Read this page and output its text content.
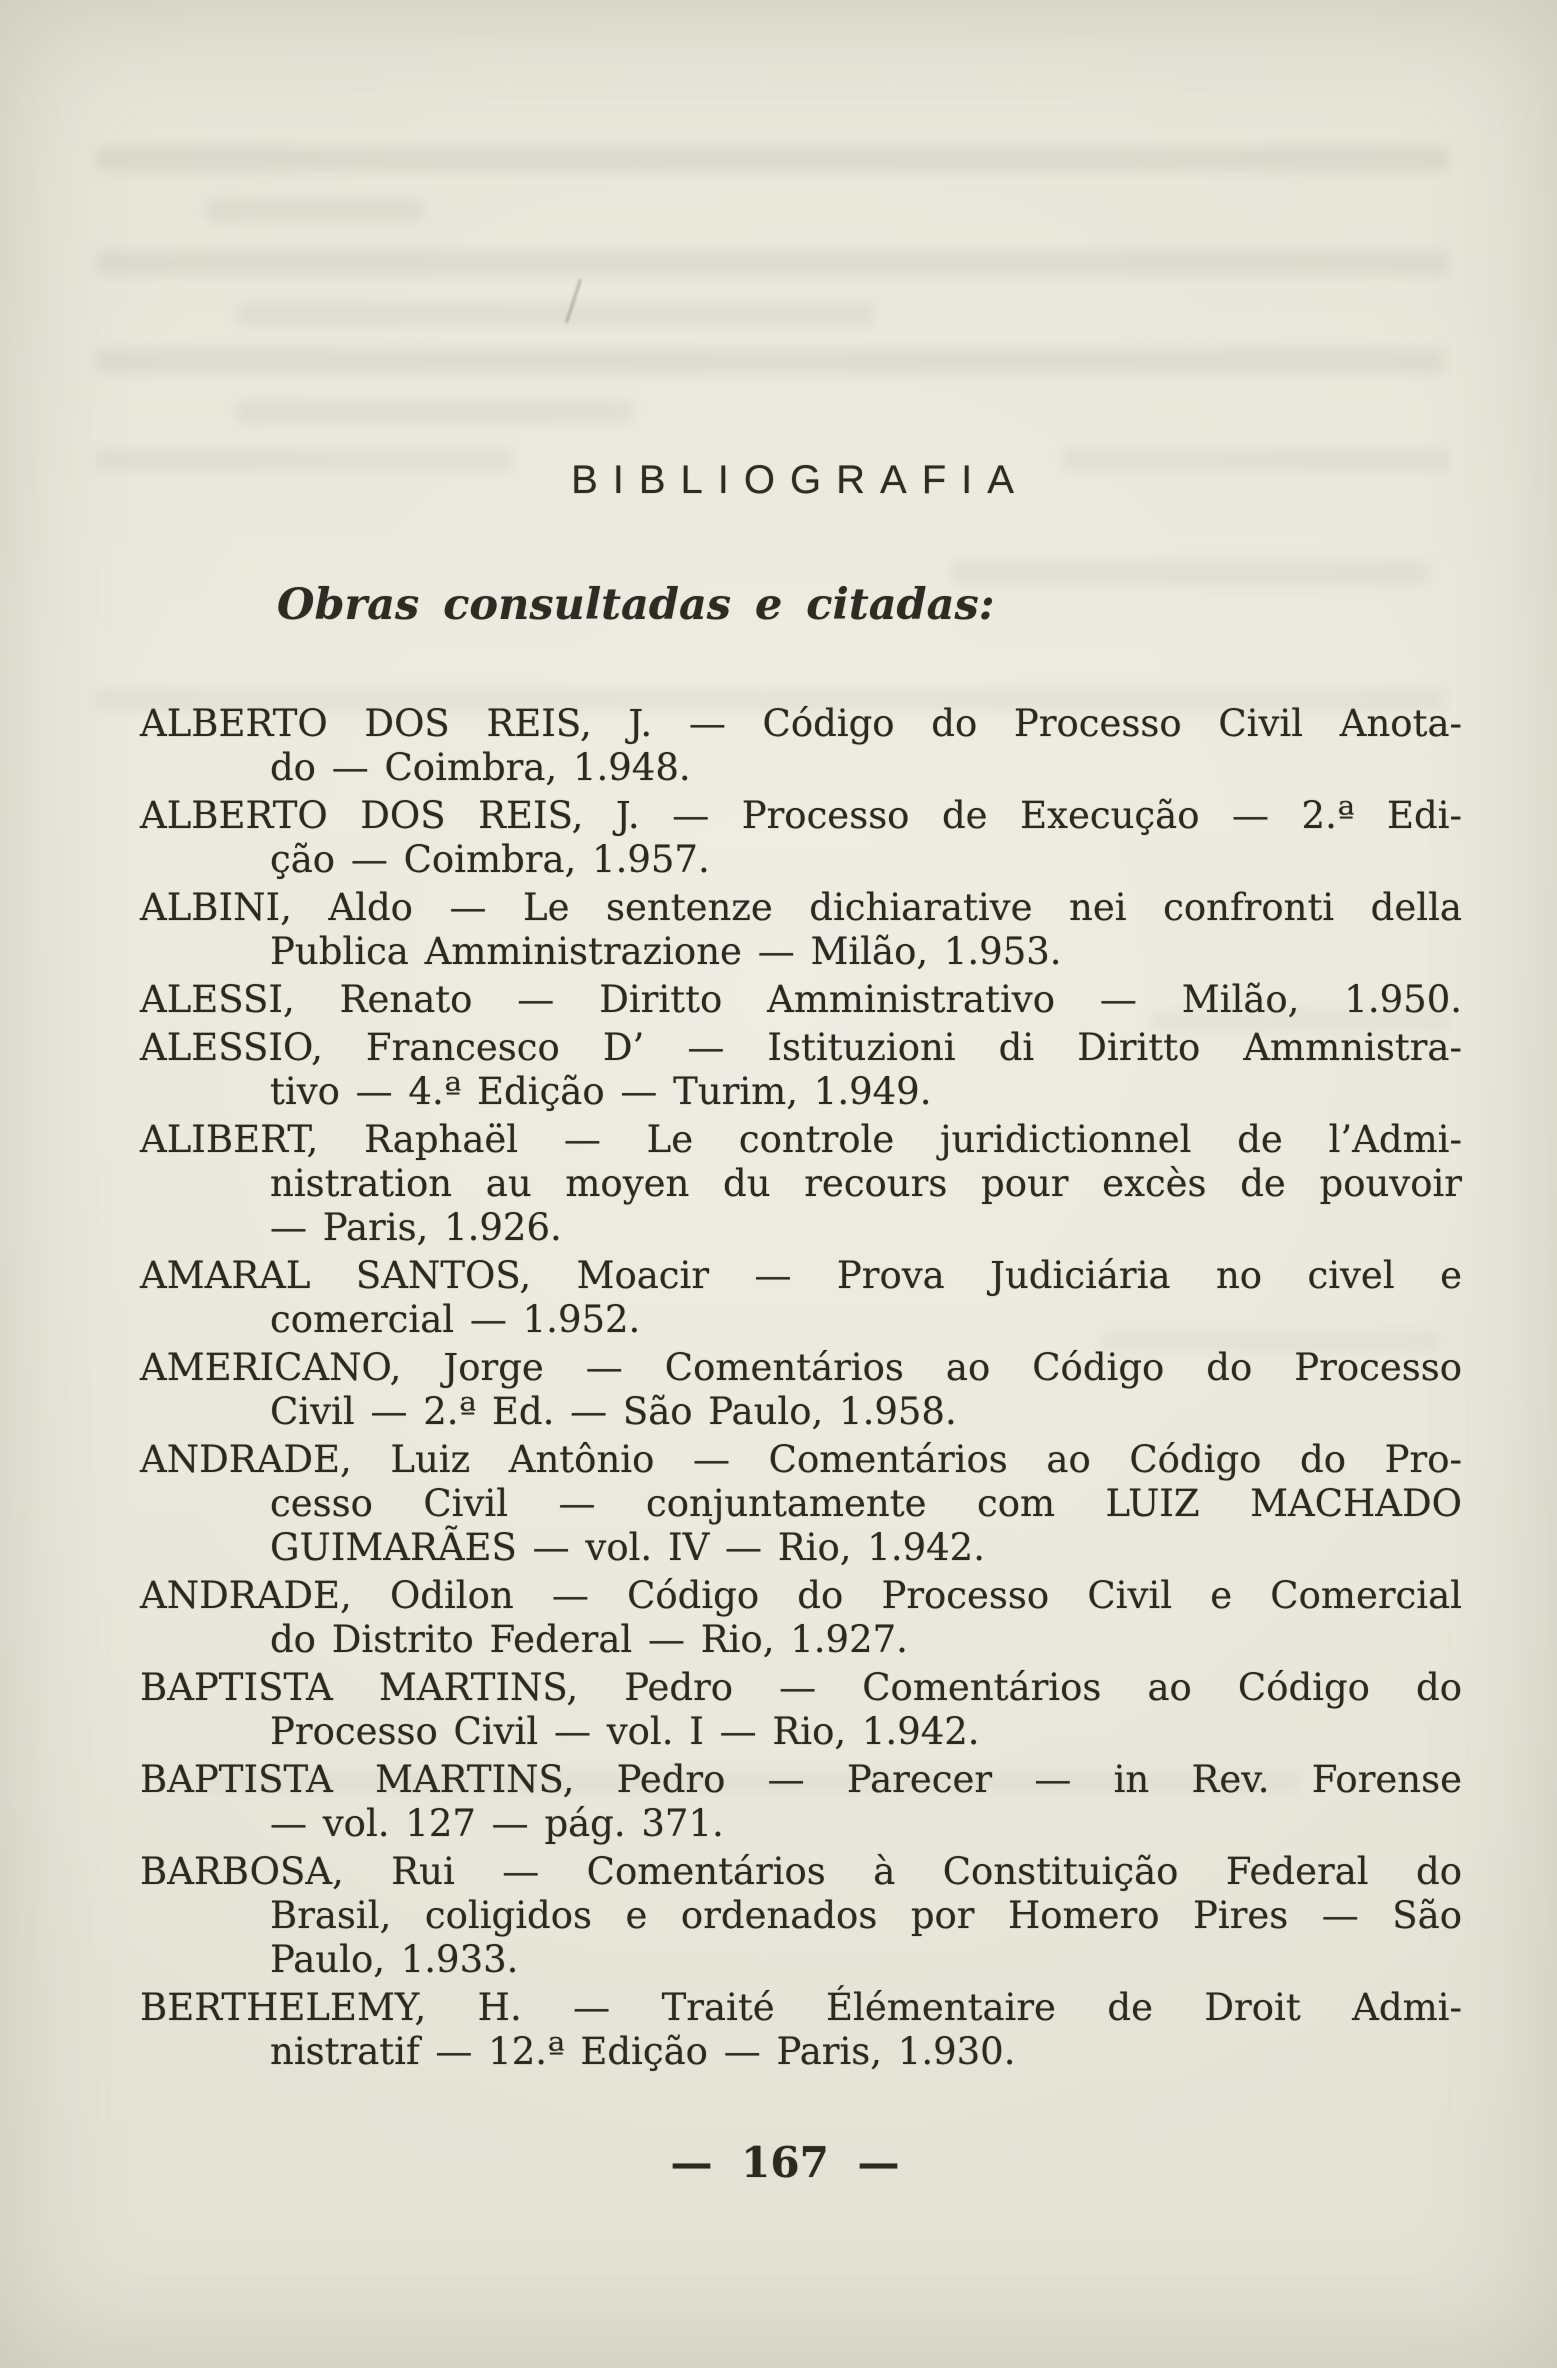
BIBLIOGRAFIA
Obras consultadas e citadas:
ALBERTO DOS REIS, J. — Código do Processo Civil Anota-
do — Coimbra, 1.948.
ALBERTO DOS REIS, J. — Processo de Execução — 2.ª Edi-
ção — Coimbra, 1.957.
ALBINI, Aldo — Le sentenze dichiarative nei confronti della
Publica Amministrazione — Milão, 1.953.
ALESSI, Renato — Diritto Amministrativo — Milão, 1.950.
ALESSIO, Francesco D’ — Istituzioni di Diritto Ammnistra-
tivo — 4.ª Edição — Turim, 1.949.
ALIBERT, Raphaël — Le controle juridictionnel de l’Admi-
nistration au moyen du recours pour excès de pouvoir
— Paris, 1.926.
AMARAL SANTOS, Moacir — Prova Judiciária no civel e
comercial — 1.952.
AMERICANO, Jorge — Comentários ao Código do Processo
Civil — 2.ª Ed. — São Paulo, 1.958.
ANDRADE, Luiz Antônio — Comentários ao Código do Pro-
cesso Civil — conjuntamente com LUIZ MACHADO
GUIMARÃES — vol. IV — Rio, 1.942.
ANDRADE, Odilon — Código do Processo Civil e Comercial
do Distrito Federal — Rio, 1.927.
BAPTISTA MARTINS, Pedro — Comentários ao Código do
Processo Civil — vol. I — Rio, 1.942.
BAPTISTA MARTINS, Pedro — Parecer — in Rev. Forense
— vol. 127 — pág. 371.
BARBOSA, Rui — Comentários à Constituição Federal do
Brasil, coligidos e ordenados por Homero Pires — São
Paulo, 1.933.
BERTHELEMY, H. — Traité Élémentaire de Droit Admi-
nistratif — 12.ª Edição — Paris, 1.930.
— 167 —
